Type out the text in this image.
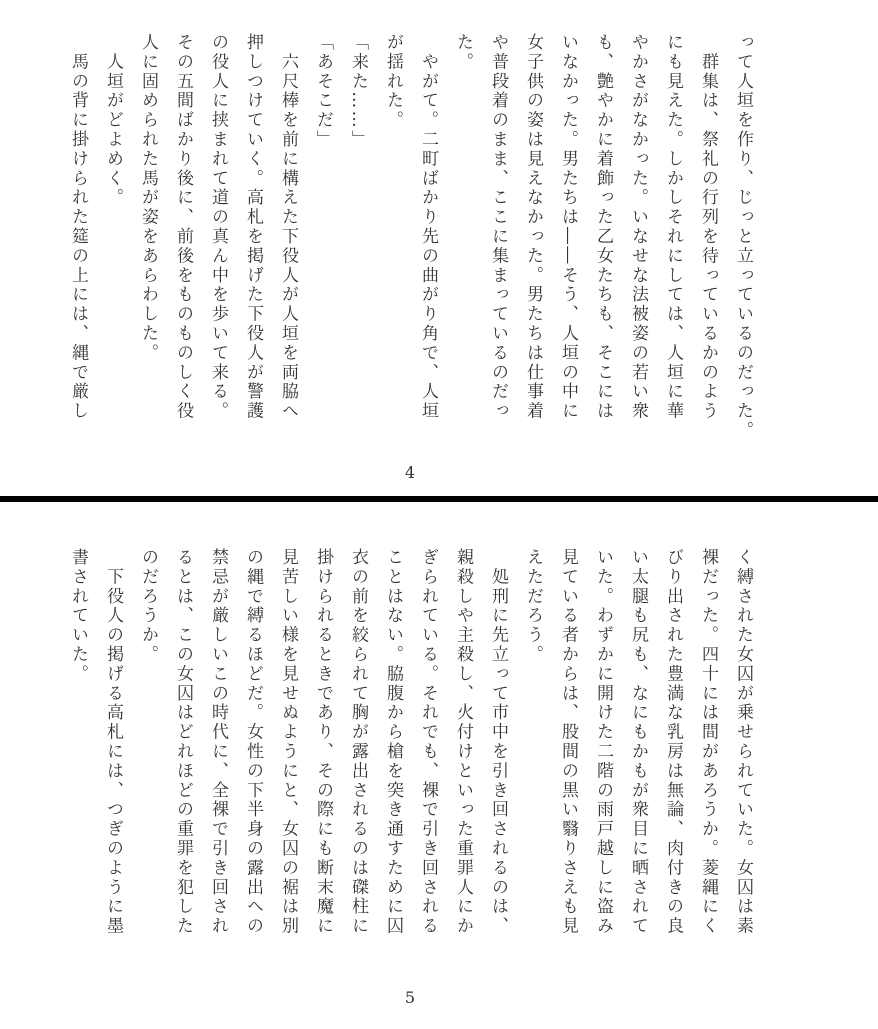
って人垣を作り、じっと立っているのだった。
　群集は、祭礼の行列を待っているかのよう
にも見えた。しかしそれにしては、人垣に華
やかさがなかった。いなせな法被姿の若い衆
も、艶やかに着飾った乙女たちも、そこには
いなかった。男たちは――そう、人垣の中に
女子供の姿は見えなかった。男たちは仕事着
や普段着のまま、ここに集まっているのだっ
た。
　やがて。二町ばかり先の曲がり角で、人垣
が揺れた。
「来た……」
「あそこだ」
　六尺棒を前に構えた下役人が人垣を両脇へ
押しつけていく。高札を掲げた下役人が警護
の役人に挟まれて道の真ん中を歩いて来る。
その五間ばかり後に、前後をものものしく役
人に固められた馬が姿をあらわした。
　人垣がどよめく。
　馬の背に掛けられた筵の上には、縄で厳し
4
く縛された女囚が乗せられていた。女囚は素
裸だった。四十には間があろうか。菱縄にく
びり出された豊満な乳房は無論、肉付きの良
い太腿も尻も、なにもかもが衆目に晒されて
いた。わずかに開けた二階の雨戸越しに盗み
見ている者からは、股間の黒い翳りさえも見
えただろう。
　処刑に先立って市中を引き回されるのは、
親殺しや主殺し、火付けといった重罪人にか
ぎられている。それでも、裸で引き回される
ことはない。脇腹から槍を突き通すために囚
衣の前を絞られて胸が露出されるのは磔柱に
掛けられるときであり、その際にも断末魔に
見苦しい様を見せぬようにと、女囚の裾は別
の縄で縛るほどだ。女性の下半身の露出への
禁忌が厳しいこの時代に、全裸で引き回され
るとは、この女囚はどれほどの重罪を犯した
のだろうか。
　下役人の掲げる高札には、つぎのように墨
書されていた。
5
